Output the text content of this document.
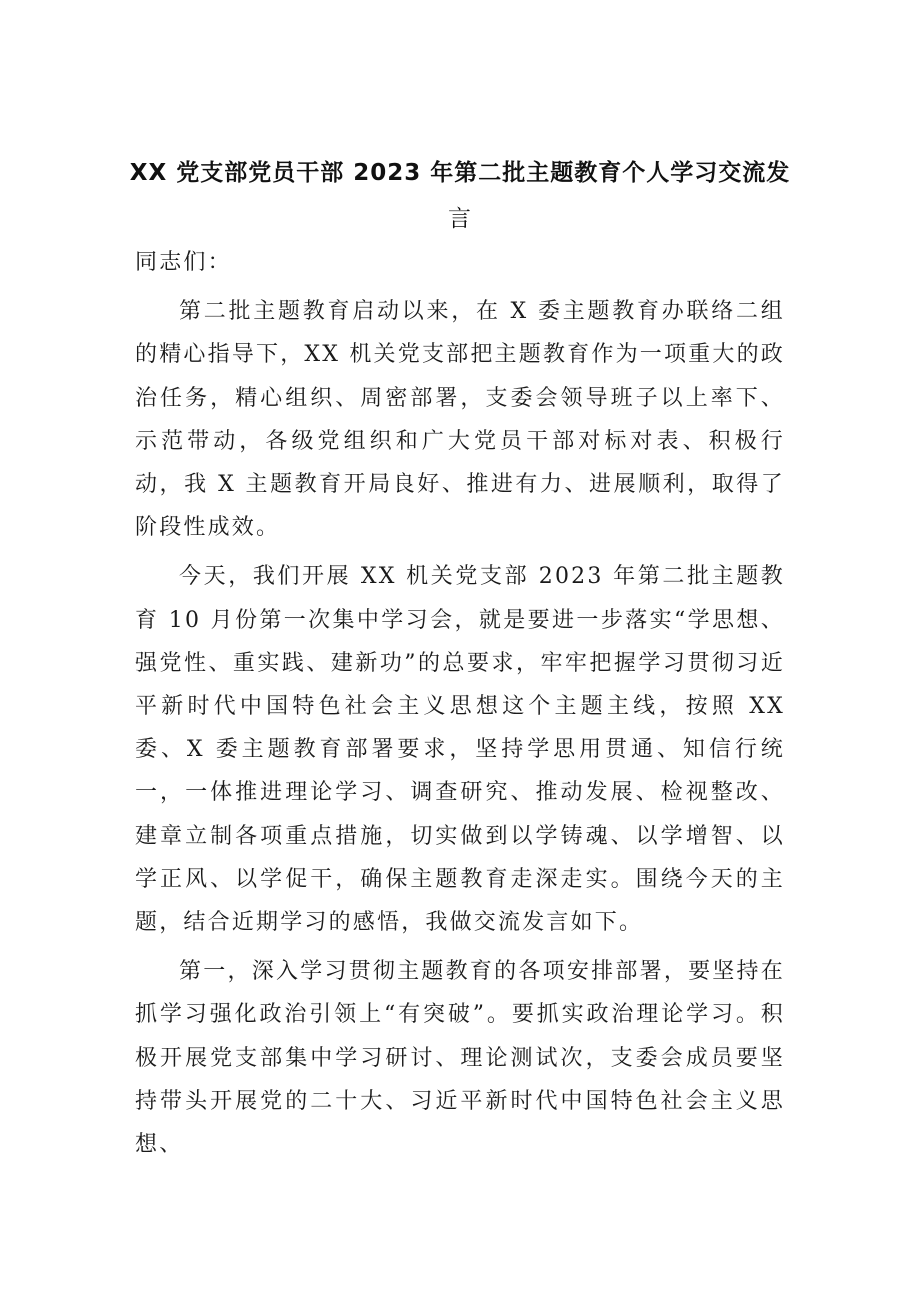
XX 党支部党员干部 2023 年第二批主题教育个人学习交流发
言

同志们：

第二批主题教育启动以来，在 X 委主题教育办联络二组的精心指导下，XX 机关党支部把主题教育作为一项重大的政治任务，精心组织、周密部署，支委会领导班子以上率下、示范带动，各级党组织和广大党员干部对标对表、积极行动，我 X 主题教育开局良好、推进有力、进展顺利，取得了阶段性成效。

今天，我们开展 XX 机关党支部 2023 年第二批主题教育 10 月份第一次集中学习会，就是要进一步落实“学思想、强党性、重实践、建新功”的总要求，牢牢把握学习贯彻习近平新时代中国特色社会主义思想这个主题主线，按照 XX 委、X 委主题教育部署要求，坚持学思用贯通、知信行统一，一体推进理论学习、调查研究、推动发展、检视整改、建章立制各项重点措施，切实做到以学铸魂、以学增智、以学正风、以学促干，确保主题教育走深走实。围绕今天的主题，结合近期学习的感悟，我做交流发言如下。

第一，深入学习贯彻主题教育的各项安排部署，要坚持在抓学习强化政治引领上“有突破”。要抓实政治理论学习。积极开展党支部集中学习研讨、理论测试次，支委会成员要坚持带头开展党的二十大、习近平新时代中国特色社会主义思想、
